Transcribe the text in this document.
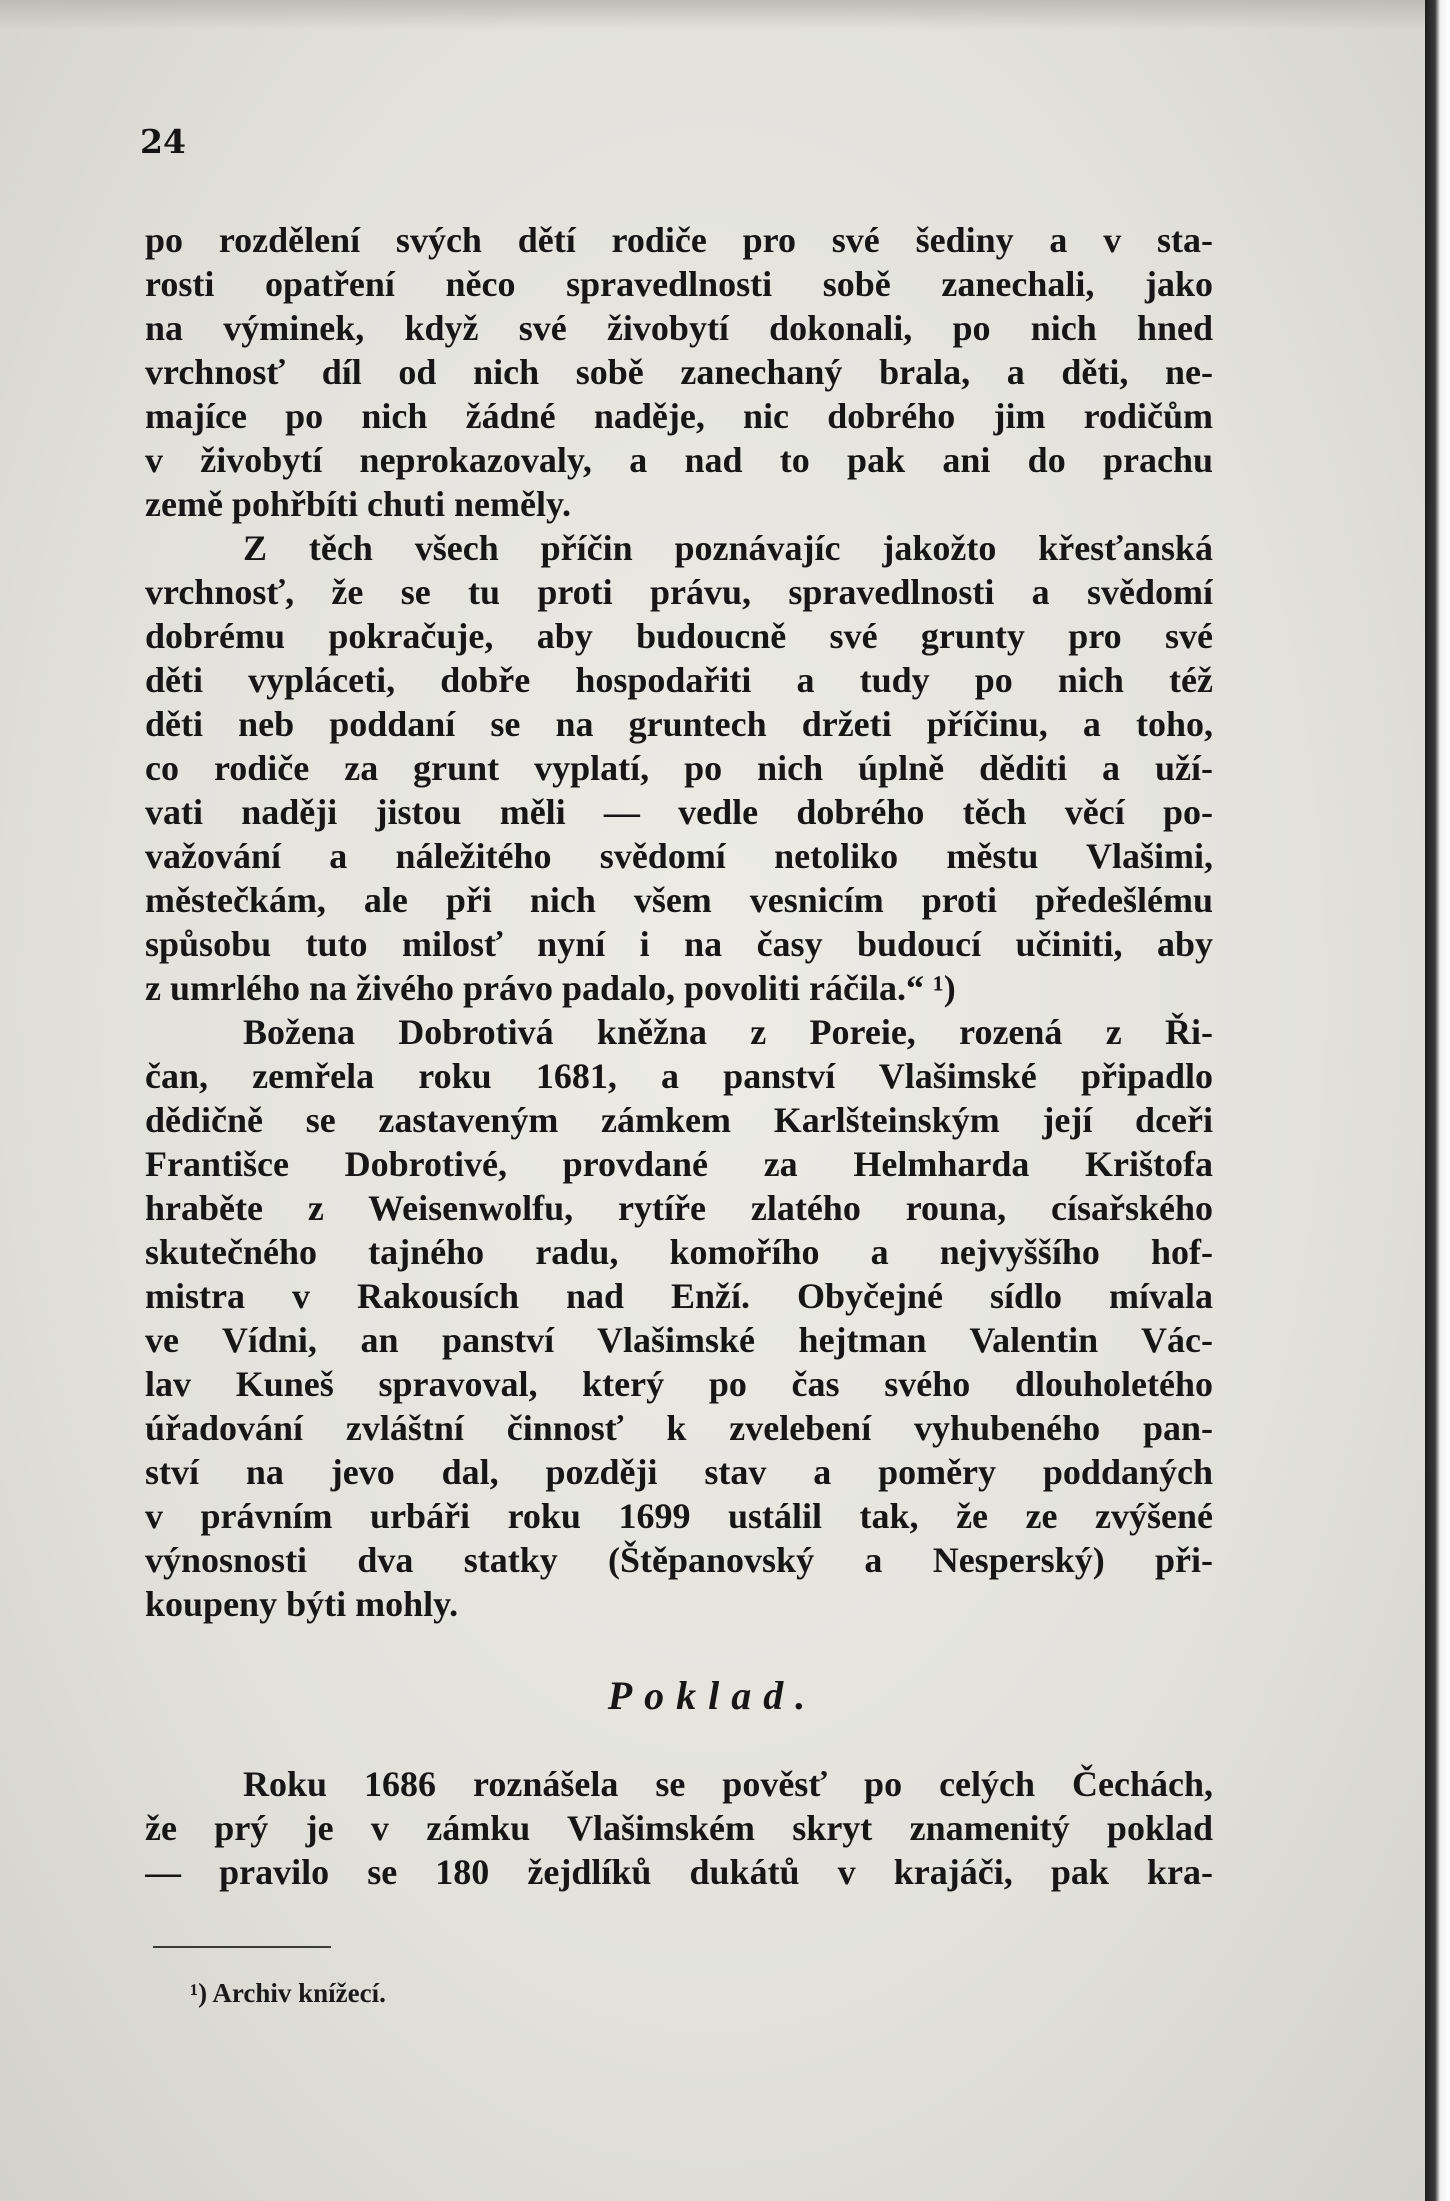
24
po rozdělení svých dětí rodiče pro své šediny a v sta-
rosti opatření něco spravedlnosti sobě zanechali, jako
na výminek, když své živobytí dokonali, po nich hned
vrchnosť díl od nich sobě zanechaný brala, a děti, ne-
majíce po nich žádné naděje, nic dobrého jim rodičům
v živobytí neprokazovaly, a nad to pak ani do prachu
země pohřbíti chuti neměly.
Z těch všech příčin poznávajíc jakožto křesťanská
vrchnosť, že se tu proti právu, spravedlnosti a svědomí
dobrému pokračuje, aby budoucně své grunty pro své
děti vypláceti, dobře hospodařiti a tudy po nich též
děti neb poddaní se na gruntech držeti příčinu, a toho,
co rodiče za grunt vyplatí, po nich úplně děditi a uží-
vati naději jistou měli — vedle dobrého těch věcí po-
važování a náležitého svědomí netoliko městu Vlašimi,
městečkám, ale při nich všem vesnicím proti předešlému
spůsobu tuto milosť nyní i na časy budoucí učiniti, aby
z umrlého na živého právo padalo, povoliti ráčila.“ ¹)
Božena Dobrotivá kněžna z Poreie, rozená z Ři-
čan, zemřela roku 1681, a panství Vlašimské připadlo
dědičně se zastaveným zámkem Karlšteinským její dceři
Františce Dobrotivé, provdané za Helmharda Krištofa
hraběte z Weisenwolfu, rytíře zlatého rouna, císařského
skutečného tajného radu, komořího a nejvyššího hof-
mistra v Rakousích nad Enží. Obyčejné sídlo mívala
ve Vídni, an panství Vlašimské hejtman Valentin Vác-
lav Kuneš spravoval, který po čas svého dlouholetého
úřadování zvláštní činnosť k zvelebení vyhubeného pan-
ství na jevo dal, později stav a poměry poddaných
v právním urbáři roku 1699 ustálil tak, že ze zvýšené
výnosnosti dva statky (Štěpanovský a Nesperský) při-
koupeny býti mohly.
Poklad.
Roku 1686 roznášela se pověsť po celých Čechách,
že prý je v zámku Vlašimském skryt znamenitý poklad
— pravilo se 180 žejdlíků dukátů v krajáči, pak kra-
¹) Archiv knížecí.
